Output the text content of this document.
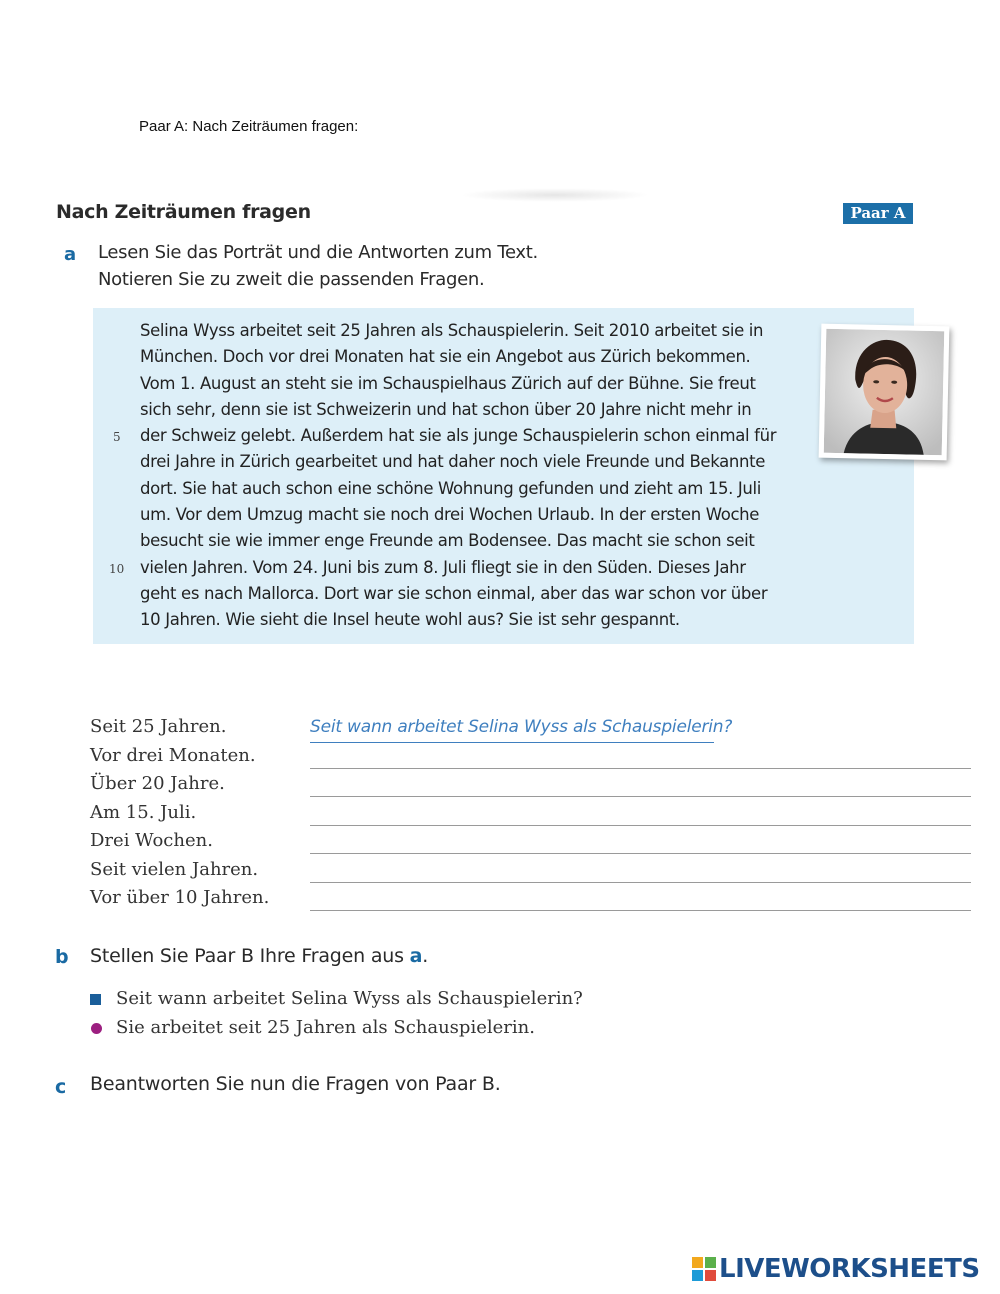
Paar A: Nach Zeiträumen fragen:
Nach Zeiträumen fragen	Paar A
a Lesen Sie das Porträt und die Antworten zum Text.
Notieren Sie zu zweit die passenden Fragen.
5
10
Selina Wyss arbeitet seit 25 Jahren als Schauspielerin. Seit 2010 arbeitet sie in
München. Doch vor drei Monaten hat sie ein Angebot aus Zürich bekommen.
Vom 1. August an steht sie im Schauspielhaus Zürich auf der Bühne. Sie freut
sich sehr, denn sie ist Schweizerin und hat schon über 20 Jahre nicht mehr in
der Schweiz gelebt. Außerdem hat sie als junge Schauspielerin schon einmal für
drei Jahre in Zürich gearbeitet und hat daher noch viele Freunde und Bekannte
dort. Sie hat auch schon eine schöne Wohnung gefunden und zieht am 15. Juli
um. Vor dem Umzug macht sie noch drei Wochen Urlaub. In der ersten Woche
besucht sie wie immer enge Freunde am Bodensee. Das macht sie schon seit
vielen Jahren. Vom 24. Juni bis zum 8. Juli fliegt sie in den Süden. Dieses Jahr
geht es nach Mallorca. Dort war sie schon einmal, aber das war schon vor über
10 Jahren. Wie sieht die Insel heute wohl aus? Sie ist sehr gespannt.
Seit 25 Jahren.
Vor drei Monaten.
Über 20 Jahre.
Am 15. Juli.
Drei Wochen.
Seit vielen Jahren.
Vor über 10 Jahren.
Seit wann arbeitet Selina Wyss als Schauspielerin?
b Stellen Sie Paar B Ihre Fragen aus a.
Seit wann arbeitet Selina Wyss als Schauspielerin?
Sie arbeitet seit 25 Jahren als Schauspielerin.
c Beantworten Sie nun die Fragen von Paar B.
LIVEWORKSHEETS
